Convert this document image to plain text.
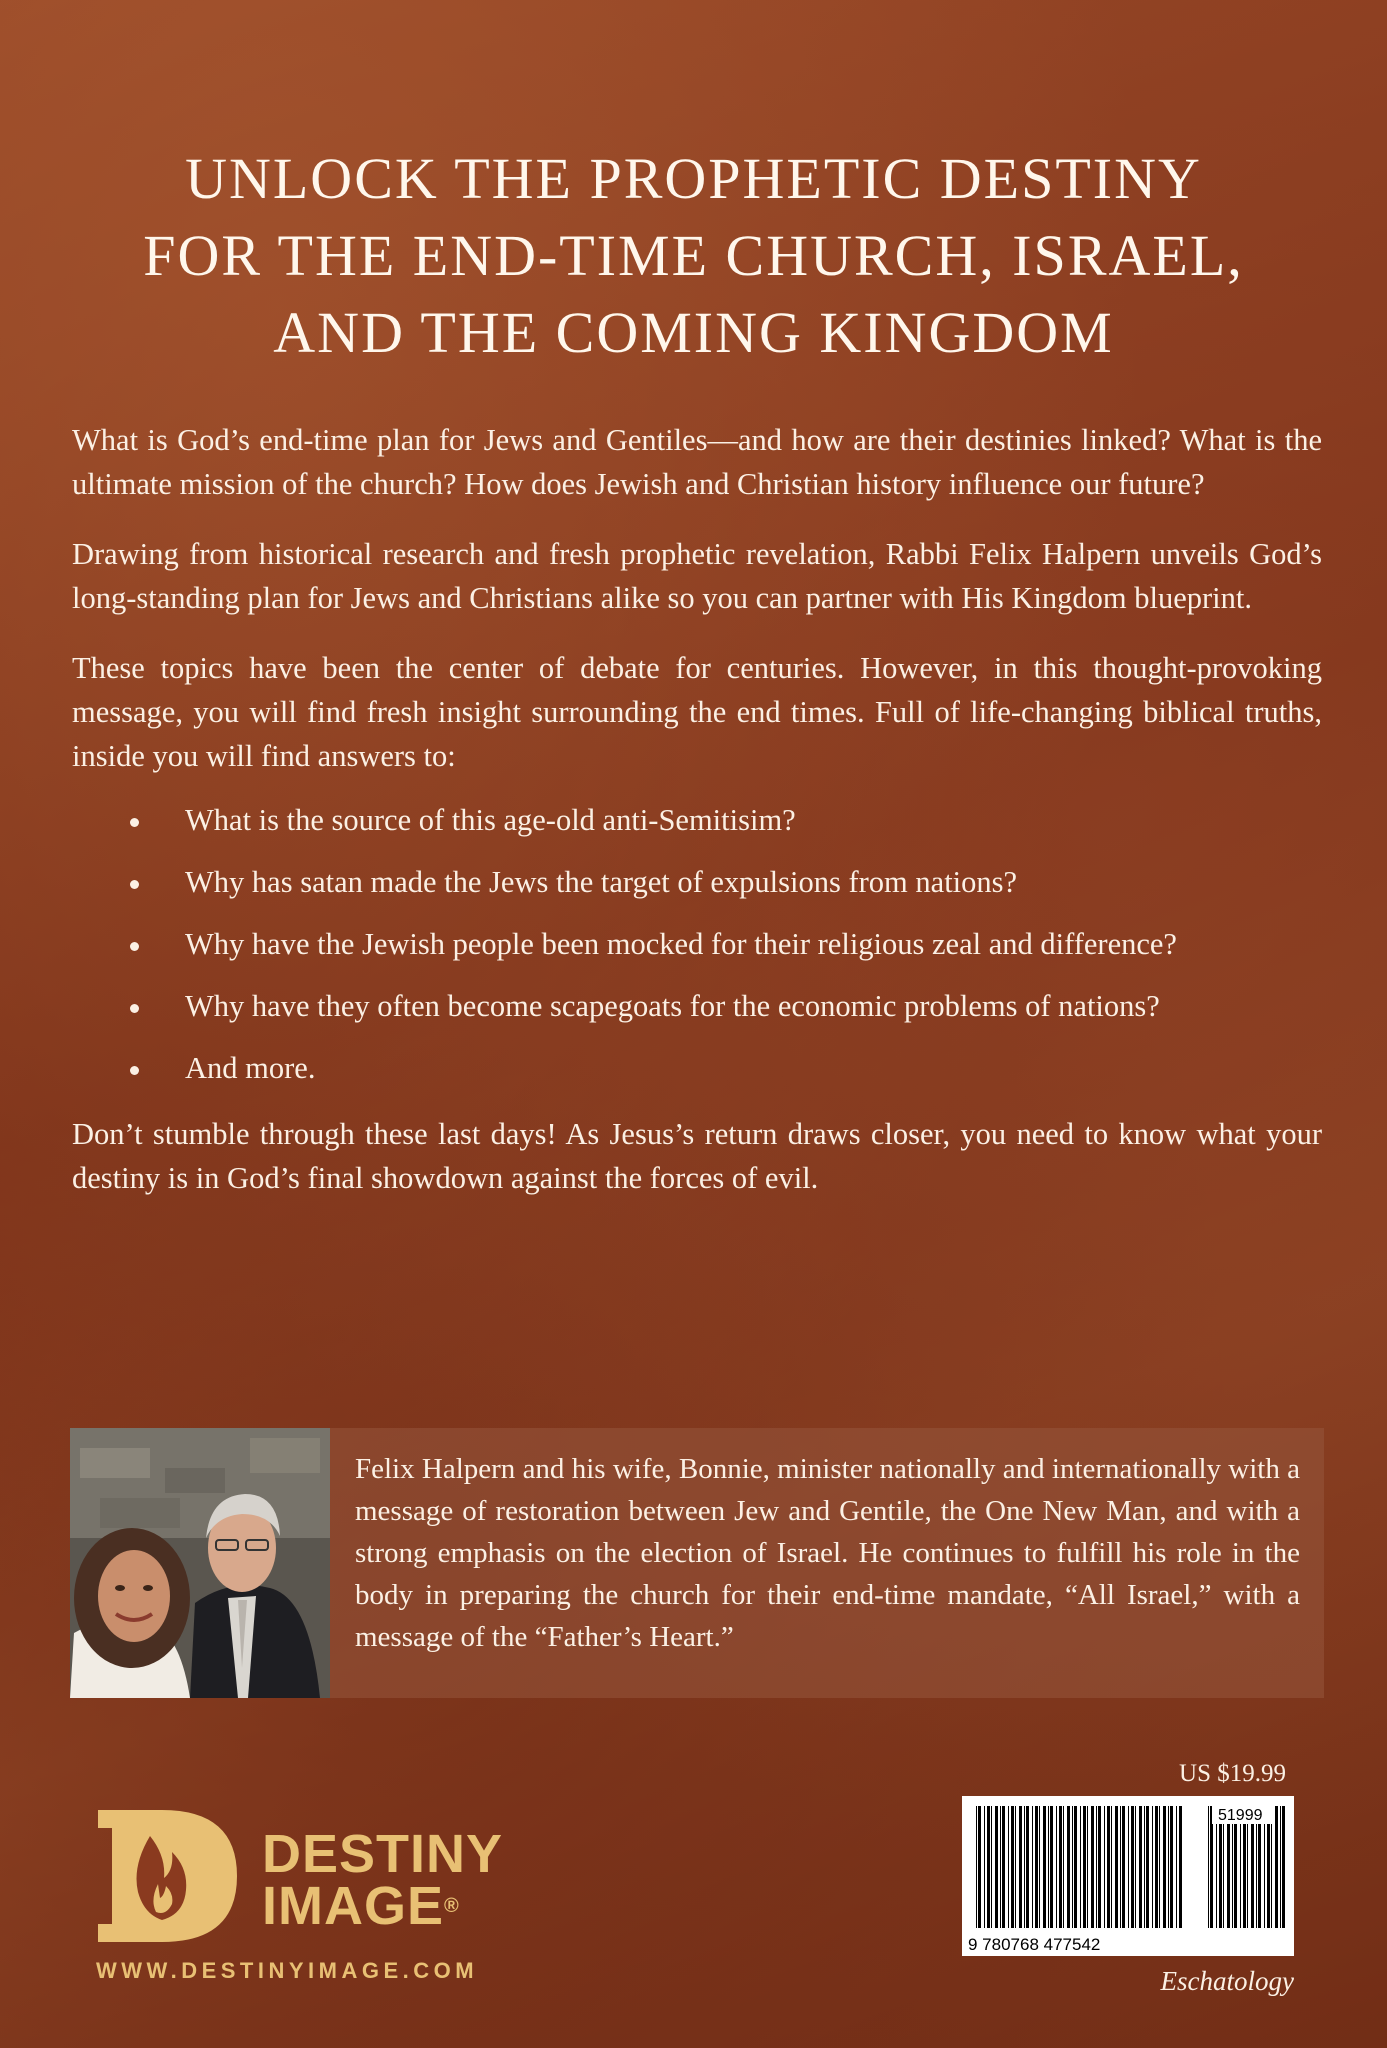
UNLOCK THE PROPHETIC DESTINY
FOR THE END-TIME CHURCH, ISRAEL,
AND THE COMING KINGDOM

What is God’s end-time plan for Jews and Gentiles—and how are their destinies linked? What is the ultimate mission of the church? How does Jewish and Christian history influence our future?

Drawing from historical research and fresh prophetic revelation, Rabbi Felix Halpern unveils God’s long-standing plan for Jews and Christians alike so you can partner with His Kingdom blueprint.

These topics have been the center of debate for centuries. However, in this thought-provoking message, you will find fresh insight surrounding the end times. Full of life-changing biblical truths, inside you will find answers to:

What is the source of this age-old anti-Semitisim?
Why has satan made the Jews the target of expulsions from nations?
Why have the Jewish people been mocked for their religious zeal and difference?
Why have they often become scapegoats for the economic problems of nations?
And more.

Don’t stumble through these last days! As Jesus’s return draws closer, you need to know what your destiny is in God’s final showdown against the forces of evil.

Felix Halpern and his wife, Bonnie, minister nationally and internationally with a message of restoration between Jew and Gentile, the One New Man, and with a strong emphasis on the election of Israel. He continues to fulfill his role in the body in preparing the church for their end-time mandate, “All Israel,” with a message of the “Father’s Heart.”
DESTINY
IMAGE®
WWW.DESTINYIMAGE.COM
US $19.99
51999
9 780768 477542
Eschatology
